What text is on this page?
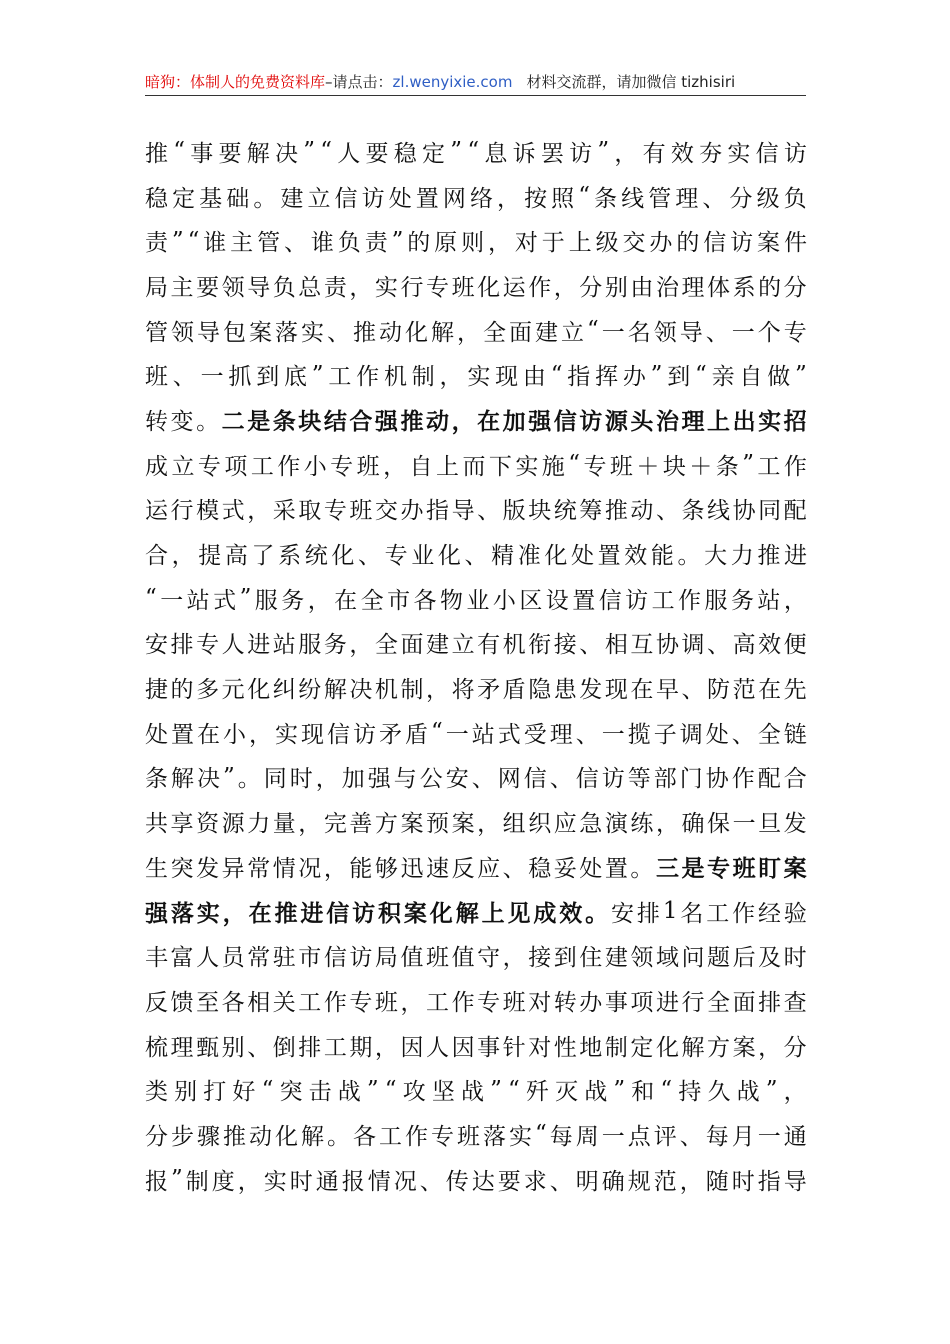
暗狗：体制人的免费资料库 –请点击： zl.wenyixie.com 材料交流群，请加微信 tizhisiri
推 “ 事 要 解 决 ” “ 人 要 稳 定 ” “ 息 诉 罢 访 ” ， 有 效 夯 实 信 访
稳 定 基 础 。 建 立 信 访 处 置 网 络 ， 按 照 “ 条 线 管 理 、 分 级 负
责 ” “ 谁 主 管 、 谁 负 责 ” 的 原 则 ， 对 于 上 级 交 办 的 信 访 案 件
局 主 要 领 导 负 总 责 ， 实 行 专 班 化 运 作 ， 分 别 由 治 理 体 系 的 分
管 领 导 包 案 落 实 、 推 动 化 解 ， 全 面 建 立 “ 一 名 领 导 、 一 个 专
班 、 一 抓 到 底 ” 工 作 机 制 ， 实 现 由 “ 指 挥 办 ” 到 “ 亲 自 做 ”
转 变 。 二 是 条 块 结 合 强 推 动 ， 在 加 强 信 访 源 头 治 理 上 出 实 招
成 立 专 项 工 作 小 专 班 ， 自 上 而 下 实 施 “ 专 班 ＋ 块 ＋ 条 ” 工 作
运 行 模 式 ， 采 取 专 班 交 办 指 导 、 版 块 统 筹 推 动 、 条 线 协 同 配
合 ， 提 高 了 系 统 化 、 专 业 化 、 精 准 化 处 置 效 能 。 大 力 推 进
“ 一 站 式 ” 服 务 ， 在 全 市 各 物 业 小 区 设 置 信 访 工 作 服 务 站 ，
安 排 专 人 进 站 服 务 ， 全 面 建 立 有 机 衔 接 、 相 互 协 调 、 高 效 便
捷 的 多 元 化 纠 纷 解 决 机 制 ， 将 矛 盾 隐 患 发 现 在 早 、 防 范 在 先
处 置 在 小 ， 实 现 信 访 矛 盾 “ 一 站 式 受 理 、 一 揽 子 调 处 、 全 链
条 解 决 ” 。 同 时 ， 加 强 与 公 安 、 网 信 、 信 访 等 部 门 协 作 配 合
共 享 资 源 力 量 ， 完 善 方 案 预 案 ， 组 织 应 急 演 练 ， 确 保 一 旦 发
生 突 发 异 常 情 况 ， 能 够 迅 速 反 应 、 稳 妥 处 置 。 三 是 专 班 盯 案
强 落 实 ， 在 推 进 信 访 积 案 化 解 上 见 成 效 。 安 排 1 名 工 作 经 验
丰 富 人 员 常 驻 市 信 访 局 值 班 值 守 ， 接 到 住 建 领 域 问 题 后 及 时
反 馈 至 各 相 关 工 作 专 班 ， 工 作 专 班 对 转 办 事 项 进 行 全 面 排 查
梳 理 甄 别 、 倒 排 工 期 ， 因 人 因 事 针 对 性 地 制 定 化 解 方 案 ， 分
类 别 打 好 “ 突 击 战 ” “ 攻 坚 战 ” “ 歼 灭 战 ” 和 “ 持 久 战 ” ，
分 步 骤 推 动 化 解 。 各 工 作 专 班 落 实 “ 每 周 一 点 评 、 每 月 一 通
报 ” 制 度 ， 实 时 通 报 情 况 、 传 达 要 求 、 明 确 规 范 ， 随 时 指 导
